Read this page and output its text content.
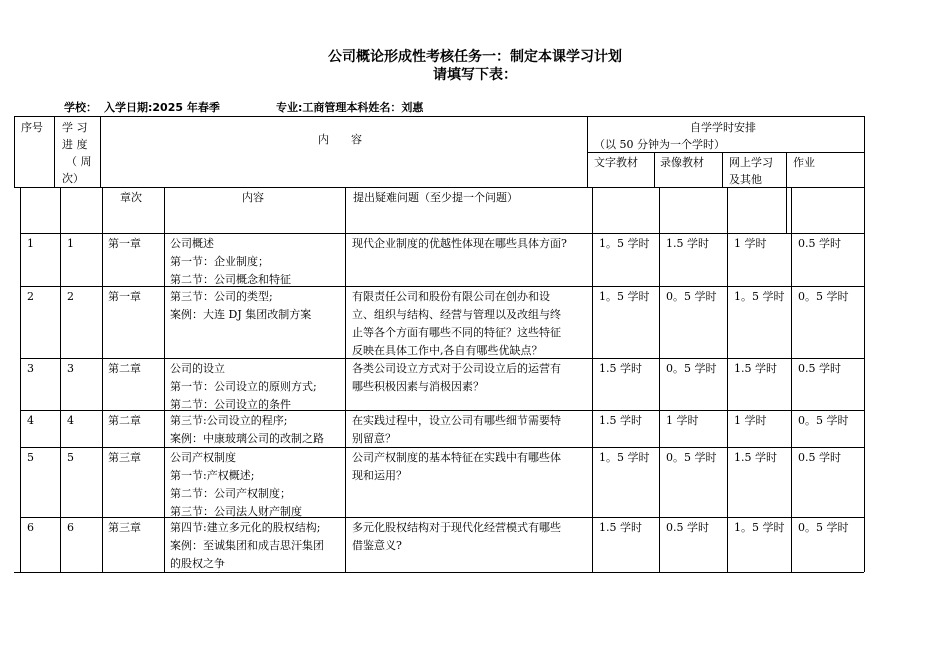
公司概论形成性考核任务一：制定本课学习计划
请填写下表：
学校： 入学日期:2025 年春季	专业:工商管理本科姓名：刘惠
序号 学 习
进 度
（ 周
次）
内　　容
自学学时安排
（以 50 分钟为一个学时）
文字教材 录像教材 网上学习
及其他
作业
章次	内容	提出疑难问题（至少提一个问题）
1	1	第一章	公司概述
第一节：企业制度；
第二节：公司概念和特征
现代企业制度的优越性体现在哪些具体方面?	1。5 学时 1.5 学时 1 学时	0.5 学时
2	2	第一章	第三节：公司的类型;
案例：大连 DJ 集团改制方案
有限责任公司和股份有限公司在创办和设
立、组织与结构、经营与管理以及改组与终
止等各个方面有哪些不同的特征？这些特征
反映在具体工作中,各自有哪些优缺点？
1。5 学时 0。5 学时 1。5 学时 0。5 学时
3	3	第二章	公司的设立
第一节：公司设立的原则方式;
第二节：公司设立的条件
各类公司设立方式对于公司设立后的运营有
哪些积极因素与消极因素？
1.5 学时 0。5 学时 1.5 学时 0.5 学时
4	4	第二章	第三节:公司设立的程序;
案例：中康玻璃公司的改制之路
在实践过程中，设立公司有哪些细节需要特
别留意？
1.5 学时 1 学时	1 学时	0。5 学时
5	5	第三章	公司产权制度
第一节:产权概述;
第二节：公司产权制度；
第三节：公司法人财产制度
公司产权制度的基本特征在实践中有哪些体
现和运用？
1。5 学时 0。5 学时 1.5 学时 0.5 学时
6	6	第三章	第四节:建立多元化的股权结构;
案例：至诚集团和成吉思汗集团
的股权之争
多元化股权结构对于现代化经营模式有哪些
借鉴意义?
1.5 学时 0.5 学时 1。5 学时 0。5 学时
